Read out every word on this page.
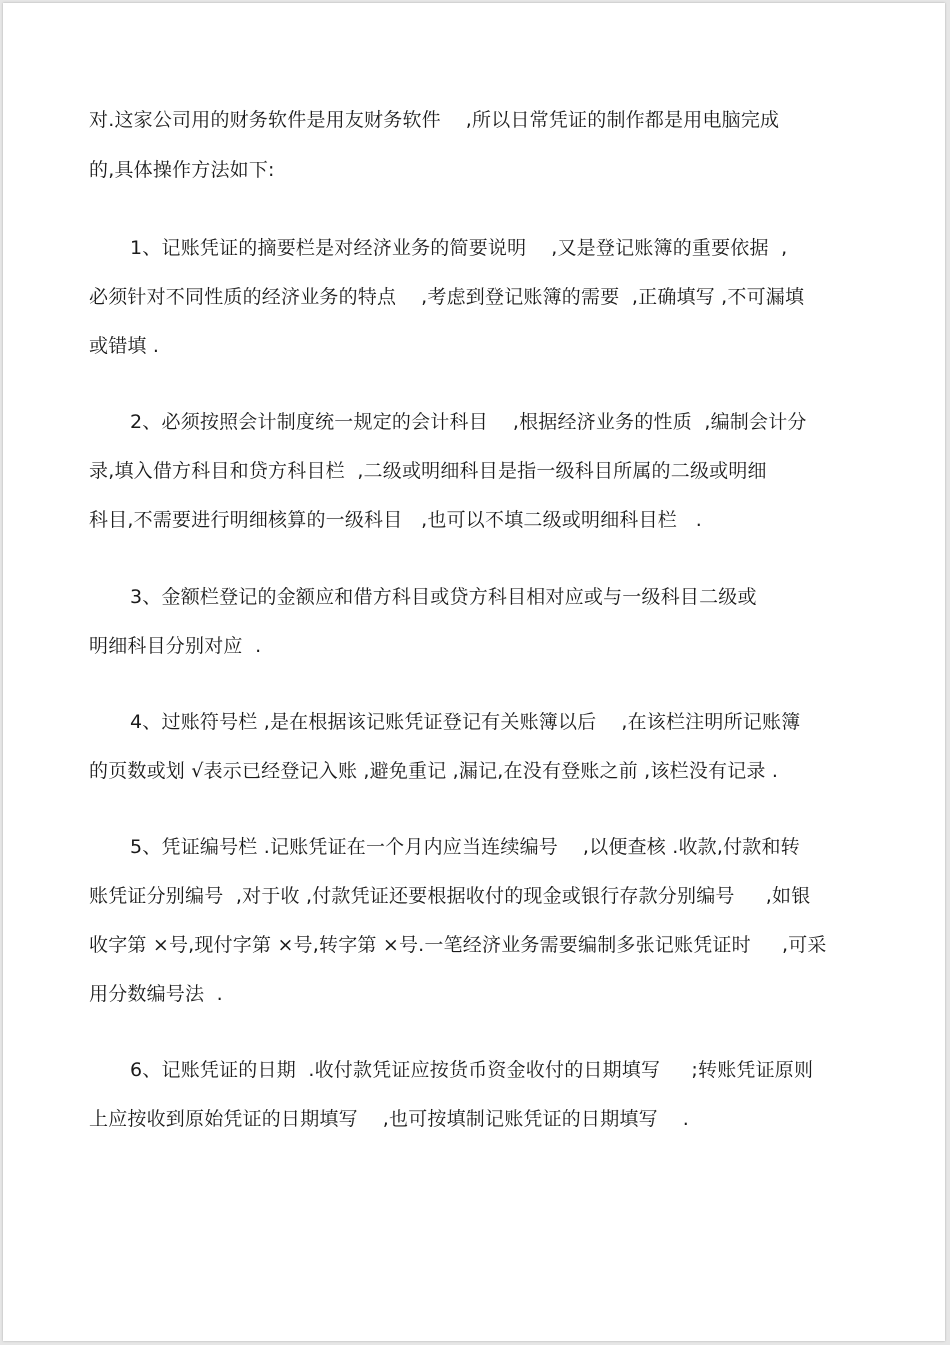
对.这家公司用的财务软件是用友财务软件    ,所以日常凭证的制作都是用电脑完成
的,具体操作方法如下:
1、记账凭证的摘要栏是对经济业务的简要说明    ,又是登记账簿的重要依据  ,
必须针对不同性质的经济业务的特点    ,考虑到登记账簿的需要  ,正确填写 ,不可漏填
或错填 .
2、必须按照会计制度统一规定的会计科目    ,根据经济业务的性质  ,编制会计分
录,填入借方科目和贷方科目栏  ,二级或明细科目是指一级科目所属的二级或明细
科目,不需要进行明细核算的一级科目   ,也可以不填二级或明细科目栏   .
3、金额栏登记的金额应和借方科目或贷方科目相对应或与一级科目二级或
明细科目分别对应  .
4、过账符号栏 ,是在根据该记账凭证登记有关账簿以后    ,在该栏注明所记账簿
的页数或划 √表示已经登记入账 ,避免重记 ,漏记,在没有登账之前 ,该栏没有记录 .
5、凭证编号栏 .记账凭证在一个月内应当连续编号    ,以便查核 .收款,付款和转
账凭证分别编号  ,对于收 ,付款凭证还要根据收付的现金或银行存款分别编号     ,如银
收字第 ×号,现付字第 ×号,转字第 ×号.一笔经济业务需要编制多张记账凭证时     ,可采
用分数编号法  .
6、记账凭证的日期  .收付款凭证应按货币资金收付的日期填写     ;转账凭证原则
上应按收到原始凭证的日期填写    ,也可按填制记账凭证的日期填写    .
